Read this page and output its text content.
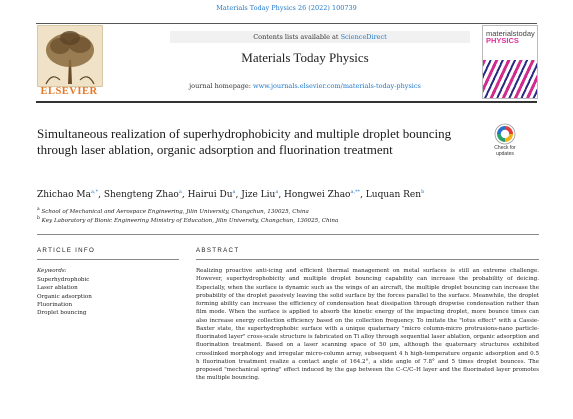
Materials Today Physics 26 (2022) 100739
ELSEVIER
Contents lists available at ScienceDirect
Materials Today Physics
journal homepage: www.journals.elsevier.com/materials-today-physics
materialstoday
PHYSICS
Simultaneous realization of superhydrophobicity and multiple droplet bouncing through laser ablation, organic adsorption and fluorination treatment	Check for
updates
Zhichao $Ma^{a,*}$, Shengteng Zhao$^a$, Hairui Du$^a$, Jize Liu$^a$, Hongwei Zhao$^{a,**}$, Luquan Ren$^b$
$^a$ School of Mechanical and Aerospace Engineering, Jilin University, Changchun, 130025, China
$^b$ Key Laboratory of Bionic Engineering Ministry of Education, Jilin University, Changchun, 130025, China
ARTICLE INFO	ABSTRACT
Keywords:
Superhydrophobic
Laser ablation
Organic adsorption
Fluorination
Droplet bouncing
Realizing proactive anti-icing and efficient thermal management on metal surfaces is still an extreme challenge. However, superhydrophobicity and multiple droplet bouncing capability can increase the probability of deicing. Especially, when the surface is dynamic such as the wings of an aircraft, the multiple droplet bouncing can increase the probability of the droplet passively leaving the solid surface by the forces parallel to the surface. Meanwhile, the droplet forming ability can increase the efficiency of condensation heat dissipation through dropwise condensation rather than film mode. When the surface is applied to absorb the kinetic energy of the impacting droplet, more bounce times can also increase energy collection efficiency based on the collection frequency. To imitate the "lotus effect" with a Cassie-Baxter state, the superhydrophobic surface with a unique quaternary "micro column-micro protrusions-nano particle-fluorinated layer" cross-scale structure is fabricated on Ti alloy through sequential laser ablation, organic adsorption and fluorination treatment. Based on a laser scanning space of 50 μm, although the quaternary structures exhibited crosslinked morphology and irregular micro-column array, subsequent 4 h high-temperature organic adsorption and 0.5 h fluorination treatment realize a contact angle of 164.2°, a slide angle of 7.8° and 5 times droplet bounces. The proposed "mechanical spring" effect induced by the gap between the C–C/C–H layer and the fluorinated layer promotes the multiple bouncing.
